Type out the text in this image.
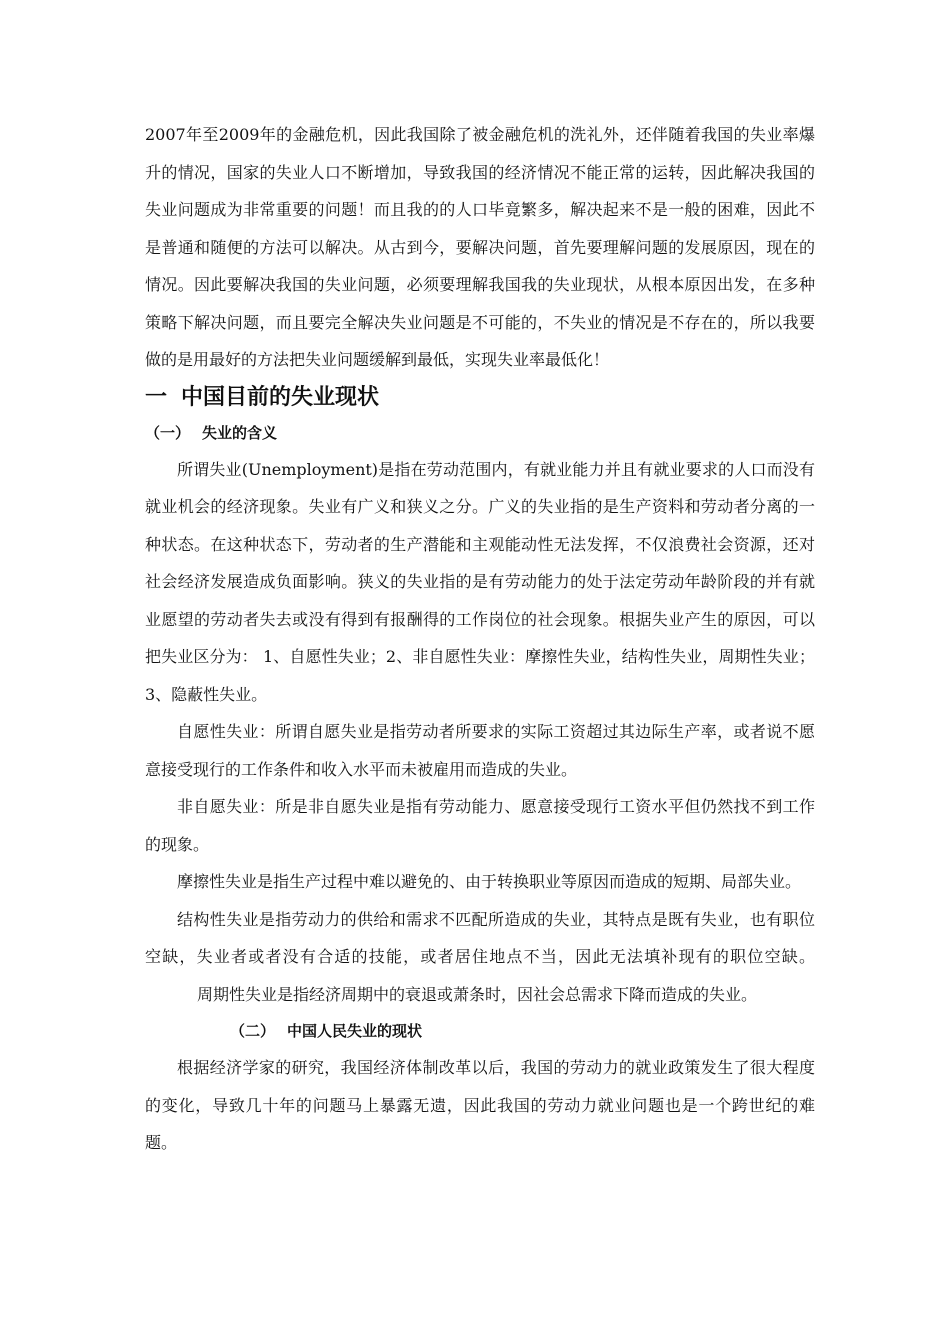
2007年至2009年的金融危机，因此我国除了被金融危机的洗礼外，还伴随着我国的失业率爆升的情况，国家的失业人口不断增加，导致我国的经济情况不能正常的运转，因此解决我国的失业问题成为非常重要的问题！而且我的的人口毕竟繁多，解决起来不是一般的困难，因此不是普通和随便的方法可以解决。从古到今，要解决问题，首先要理解问题的发展原因，现在的情况。因此要解决我国的失业问题，必须要理解我国我的失业现状，从根本原因出发，在多种策略下解决问题，而且要完全解决失业问题是不可能的，不失业的情况是不存在的，所以我要做的是用最好的方法把失业问题缓解到最低，实现失业率最低化！

一 中国目前的失业现状
（一） 失业的含义

所谓失业(Unemployment)是指在劳动范围内，有就业能力并且有就业要求的人口而没有就业机会的经济现象。失业有广义和狭义之分。广义的失业指的是生产资料和劳动者分离的一种状态。在这种状态下，劳动者的生产潜能和主观能动性无法发挥，不仅浪费社会资源，还对社会经济发展造成负面影响。狭义的失业指的是有劳动能力的处于法定劳动年龄阶段的并有就业愿望的劳动者失去或没有得到有报酬得的工作岗位的社会现象。根据失业产生的原因，可以把失业区分为： 1、自愿性失业；2、非自愿性失业：摩擦性失业，结构性失业，周期性失业；3、隐蔽性失业。

自愿性失业：所谓自愿失业是指劳动者所要求的实际工资超过其边际生产率，或者说不愿意接受现行的工作条件和收入水平而未被雇用而造成的失业。

非自愿失业：所是非自愿失业是指有劳动能力、愿意接受现行工资水平但仍然找不到工作的现象。

摩擦性失业是指生产过程中难以避免的、由于转换职业等原因而造成的短期、局部失业。

结构性失业是指劳动力的供给和需求不匹配所造成的失业，其特点是既有失业，也有职位空缺，失业者或者没有合适的技能，或者居住地点不当，因此无法填补现有的职位空缺。周期性失业是指经济周期中的衰退或萧条时，因社会总需求下降而造成的失业。

（二） 中国人民失业的现状

根据经济学家的研究，我国经济体制改革以后，我国的劳动力的就业政策发生了很大程度的变化，导致几十年的问题马上暴露无遗，因此我国的劳动力就业问题也是一个跨世纪的难题。
